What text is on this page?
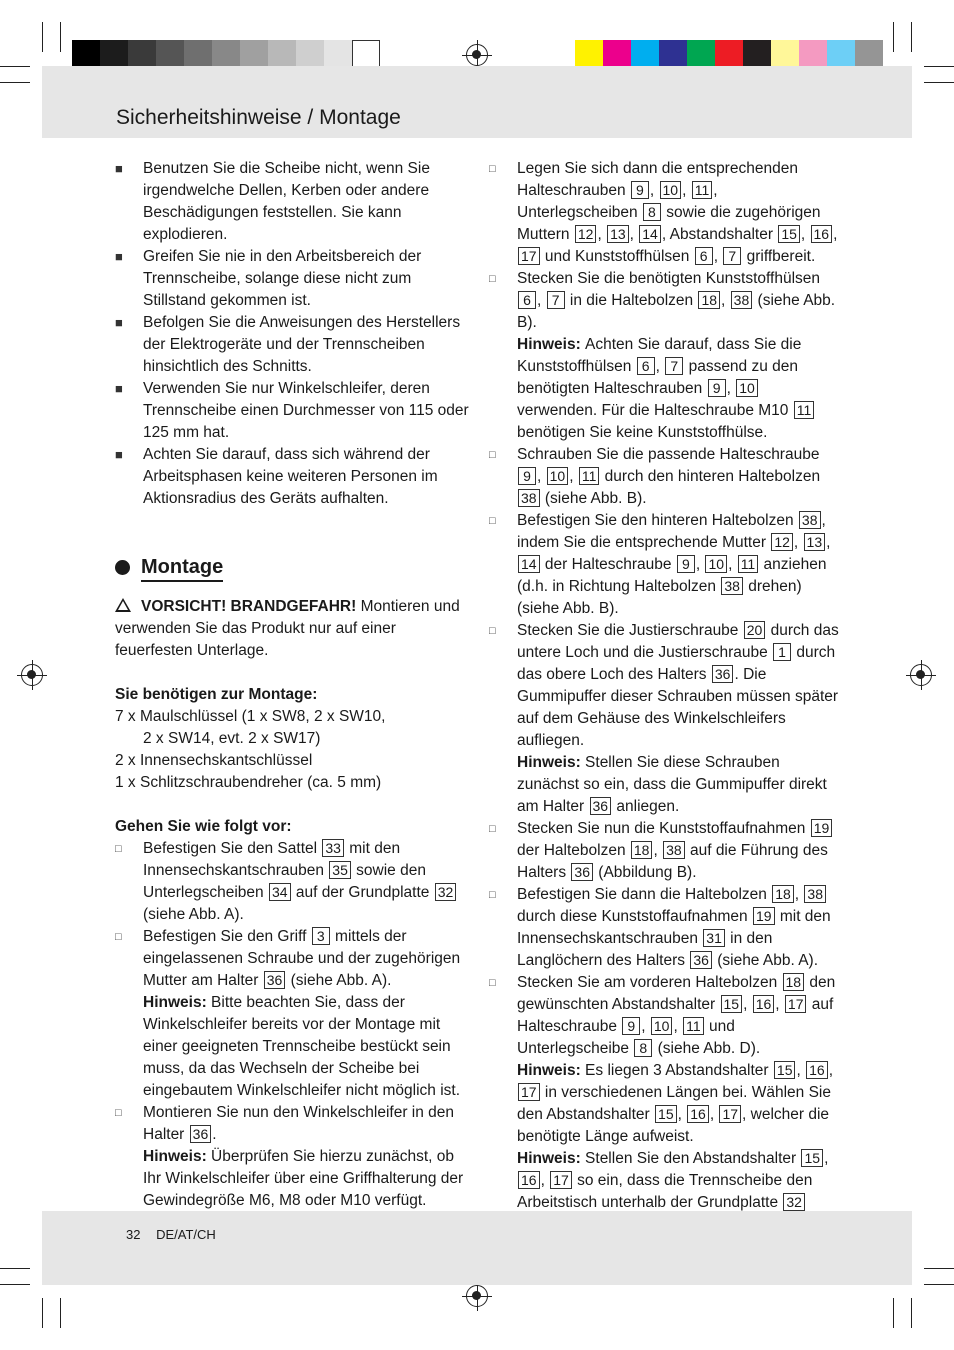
Sicherheitshinweise / Montage
■ Benutzen Sie die Scheibe nicht, wenn Sie irgendwelche Dellen, Kerben oder andere Beschädigungen feststellen. Sie kann explodieren.
■ Greifen Sie nie in den Arbeitsbereich der Trennscheibe, solange diese nicht zum Stillstand gekommen ist.
■ Befolgen Sie die Anweisungen des Herstellers der Elektrogeräte und der Trennscheiben hinsichtlich des Schnitts.
■ Verwenden Sie nur Winkelschleifer, deren Trennscheibe einen Durchmesser von 115 oder 125 mm hat.
■ Achten Sie darauf, dass sich während der Arbeitsphasen keine weiteren Personen im Aktionsradius des Geräts aufhalten.
Montage

VORSICHT! BRANDGEFAHR! Montieren und verwenden Sie das Produkt nur auf einer feuerfesten Unterlage.

Sie benötigen zur Montage:

7 x Maulschlüssel (1 x SW8, 2 x SW10,

2 x SW14, evt. 2 x SW17)

2 x Innensechskantschlüssel

1 x Schlitzschraubendreher (ca. 5 mm)

Gehen Sie wie folgt vor:

□ Befestigen Sie den Sattel 33 mit den Innensechskantschrauben 35 sowie den Unterlegscheiben 34 auf der Grundplatte 32 (siehe Abb. A).
□ Befestigen Sie den Griff 3 mittels der eingelassenen Schraube und der zugehörigen Mutter am Halter 36 (siehe Abb. A).
Hinweis: Bitte beachten Sie, dass der Winkelschleifer bereits vor der Montage mit einer geeigneten Trennscheibe bestückt sein muss, da das Wechseln der Scheibe bei eingebautem Winkelschleifer nicht möglich ist.
□ Montieren Sie nun den Winkelschleifer in den Halter 36 .
Hinweis: Überprüfen Sie hierzu zunächst, ob Ihr Winkelschleifer über eine Griffhalterung der Gewindegröße M6, M8 oder M10 verfügt.
□ Legen Sie sich dann die entsprechenden Halteschrauben 9 , 10 , 11 , Unterlegscheiben 8 sowie die zugehörigen Muttern 12 , 13 , 14 , Abstandshalter 15 , 16 , 17 und Kunststoffhülsen 6 , 7 griffbereit.
□ Stecken Sie die benötigten Kunststoffhülsen 6 , 7 in die Haltebolzen 18 , 38 (siehe Abb. B).
Hinweis: Achten Sie darauf, dass Sie die Kunststoffhülsen 6 , 7 passend zu den benötigten Halteschrauben 9 , 10 verwenden. Für die Halteschraube M10 11 benötigen Sie keine Kunststoffhülse.
□ Schrauben Sie die passende Halteschraube 9 , 10 , 11 durch den hinteren Haltebolzen 38 (siehe Abb. B).
□ Befestigen Sie den hinteren Haltebolzen 38 , indem Sie die entsprechende Mutter 12 , 13 , 14 der Halteschraube 9 , 10 , 11 anziehen (d.h. in Richtung Haltebolzen 38 drehen) (siehe Abb. B).
□ Stecken Sie die Justierschraube 20 durch das untere Loch und die Justierschraube 1 durch das obere Loch des Halters 36 . Die Gummipuffer dieser Schrauben müssen später auf dem Gehäuse des Winkelschleifers aufliegen.
Hinweis: Stellen Sie diese Schrauben zunächst so ein, dass die Gummipuffer direkt am Halter 36 anliegen.
□ Stecken Sie nun die Kunststoffaufnahmen 19 der Haltebolzen 18 , 38 auf die Führung des Halters 36 (Abbildung B).
□ Befestigen Sie dann die Haltebolzen 18 , 38 durch diese Kunststoffaufnahmen 19 mit den Innensechskantschrauben 31 in den Langlöchern des Halters 36 (siehe Abb. A).
□ Stecken Sie am vorderen Haltebolzen 18 den gewünschten Abstandshalter 15 , 16 , 17 auf Halteschraube 9 , 10 , 11 und Unterlegscheibe 8 (siehe Abb. D).
Hinweis: Es liegen 3 Abstandshalter 15 , 16 , 17 in verschiedenen Längen bei. Wählen Sie den Abstandshalter 15 , 16 , 17 , welcher die benötigte Länge aufweist.
Hinweis: Stellen Sie den Abstandshalter 15 , 16 , 17 so ein, dass die Trennscheibe den Arbeitstisch unterhalb der Grundplatte 32
32 DE/AT/CH
